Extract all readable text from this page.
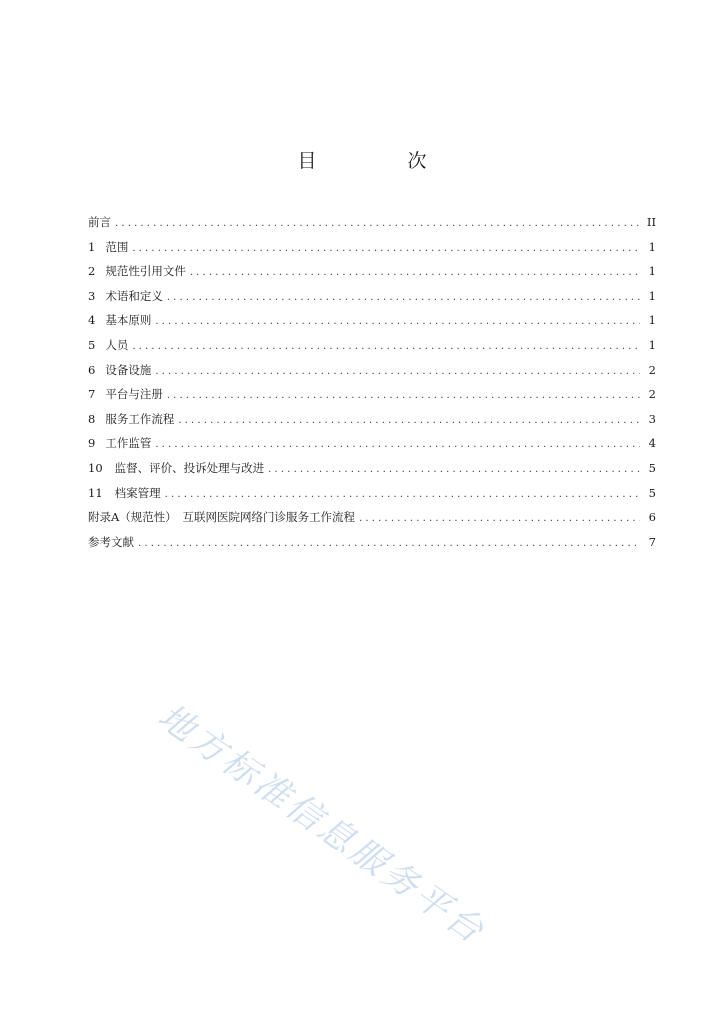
目　次
前言 . . .	II
1 范围 . . .	1
2 规范性引用文件 . . .	1
3 术语和定义 . . .	1
4 基本原则 . . .	1
5 人员 . . .	1
6 设备设施 . . .	2
7 平台与注册 . . .	2
8 服务工作流程 . . .	3
9 工作监管 . . .	4
10 监督、评价、投诉处理与改进 . . .	5
11 档案管理 . . .	5
附录A（规范性）　互联网医院网络门诊服务工作流程 . . .	6
参考文献 . . .	7
地方标准信息服务平台
